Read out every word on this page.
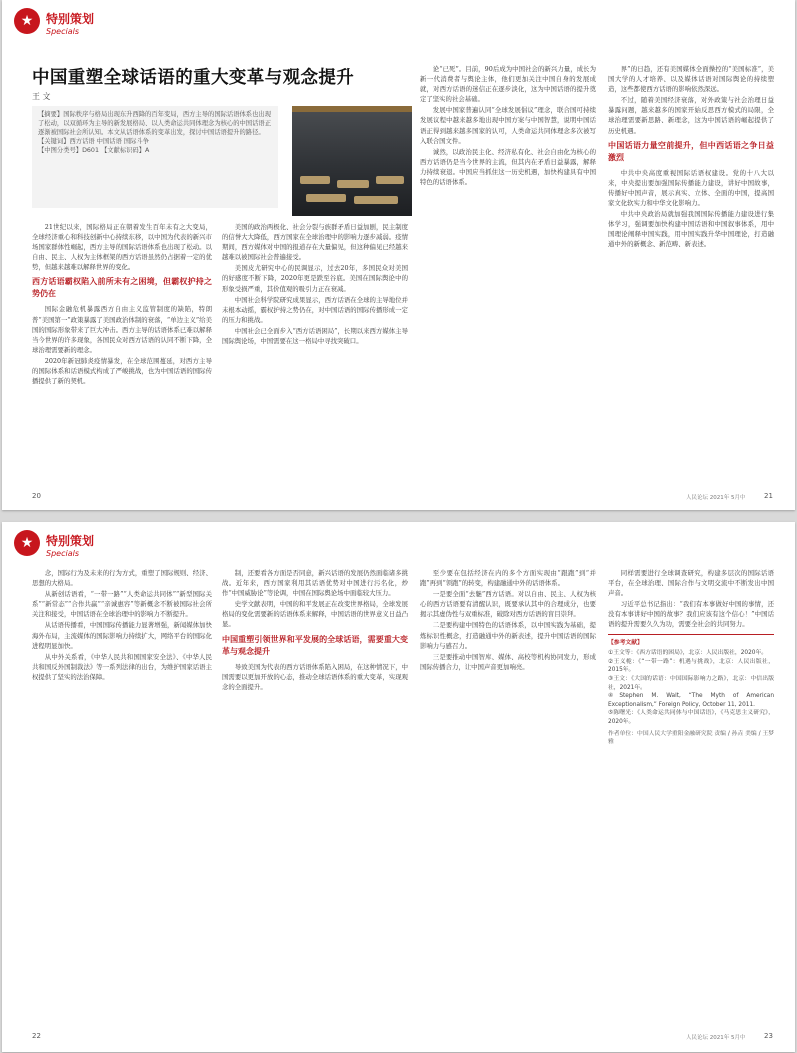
★	特别策划
Specials
中国重塑全球话语的重大变革与观念提升
王 文

【摘要】国际秩序与格局出现东升西降的百年变局，西方主导的国际话语体系也出现了松动，以双循环为主导的新发展格局、以人类命运共同体理念为核心的中国话语正逐渐被国际社会所认知。本文从话语体系的变革出发，探讨中国话语提升的路径。

【关键词】西方话语 中国话语 国际斗争

【中图分类号】D601 【文献标识码】A

21世纪以来，国际格局正在朝着发生百年未有之大变局，全球经济重心和科技创新中心持续东移，以中国为代表的新兴市场国家群体性崛起，西方主导的国际话语体系也出现了松动。以自由、民主、人权为主体框架的西方话语虽然仍占据着一定的优势，但越来越难以解释世界的变化。

西方话语霸权陷入前所未有之困境，但霸权护持之势仍在

国际金融危机暴露西方自由主义监管制度的缺陷，特朗普“美国第一”政策暴露了美国政治体制的衰落，“单边主义”给美国的国际形象带来了巨大冲击。西方主导的话语体系已难以解释当今世界的许多现象，各国民众对西方话语的认同不断下降，全球治理需要新的理念。

2020年新冠肺炎疫情暴发，在全球范围蔓延，对西方主导的国际体系和话语模式构成了严峻挑战，也为中国话语的国际传播提供了新的契机。

美国的政治两极化、社会分裂与族群矛盾日益加剧，民主制度的信誉大大降低，西方国家在全球治理中的影响力逐步减弱。疫情期间，西方媒体对中国的报道存在大量偏见，但这种偏见已经越来越难以被国际社会普遍接受。

美国皮尤研究中心的民调显示，过去20年，多国民众对美国的好感度不断下降，2020年更是跌至谷底。美国在国际舆论中的形象受损严重，其价值观的吸引力正在衰减。

中国社会科学院研究成果显示，西方话语在全球的主导地位并未根本动摇，霸权护持之势仍在，对中国话语的国际传播形成一定的压力和挑战。

中国社会已全面步入“西方话语困局”，长期以来西方媒体主导国际舆论场，中国需要在这一格局中寻找突破口。

论“已死”。目前，90后成为中国社会的新兴力量，成长为新一代消费者与舆论主体，他们更加关注中国自身的发展成就，对西方话语的迷信正在逐步淡化，这为中国话语的提升奠定了坚实的社会基础。

发展中国家普遍认同“全球发展倡议”理念，联合国可持续发展议程中越来越多地出现中国方案与中国智慧，说明中国话语正得到越来越多国家的认可，人类命运共同体理念多次被写入联合国文件。

诚然，以政治民主化、经济私有化、社会自由化为核心的西方话语仍是当今世界的主流，但其内在矛盾日益暴露，解释力持续衰退。中国应当抓住这一历史机遇，加快构建具有中国特色的话语体系。

界”的日趋，还有美国媒体全面操控的“美国标准”，美国大学的人才培养、以及媒体话语对国际舆论的持续塑造，这些都使西方话语的影响依然深远。

不过，随着美国经济衰落，对外政策与社会治理日益暴露问题，越来越多的国家开始反思西方模式的局限，全球治理需要新思路、新理念，这为中国话语的崛起提供了历史机遇。

中国话语力量空前提升，但中西话语之争日益激烈

中共中央高度重视国际话语权建设。党的十八大以来，中央提出要加强国际传播能力建设，讲好中国故事，传播好中国声音，展示真实、立体、全面的中国，提高国家文化软实力和中华文化影响力。

中共中央政治局就加强我国国际传播能力建设进行集体学习，强调要加快构建中国话语和中国叙事体系，用中国理论阐释中国实践，用中国实践升华中国理论，打造融通中外的新概念、新范畴、新表述。

20	人民论坛 2021年 5月中	21
★	特别策划
Specials

念，国际行为及未来的行为方式，重塑了国际规则、经济、思想的大格局。

从新创话语看，“一带一路”“人类命运共同体”“新型国际关系”“新常态”“合作共赢”“亲诚惠容”等新概念不断被国际社会所关注和接受，中国话语在全球治理中的影响力不断提升。

从话语传播看，中国国际传播能力显著增强，新闻媒体加快海外布局，主流媒体的国际影响力持续扩大，网络平台的国际化进程明显加快。

从中外关系看，《中华人民共和国国家安全法》、《中华人民共和国反外国制裁法》等一系列法律的出台，为维护国家话语主权提供了坚实的法治保障。

制，还要看各方面是否同意，新兴话语的发展仍然面临诸多挑战。近年来，西方国家利用其话语优势对中国进行污名化，炒作“中国威胁论”等论调，中国在国际舆论场中面临较大压力。

史学文献表明，中国的和平发展正在改变世界格局，全球发展格局的变化需要新的话语体系来解释，中国话语的世界意义日益凸显。

中国重塑引领世界和平发展的全球话语，需要重大变革与观念提升

导致美国为代表的西方话语体系陷入困局，在这种情况下，中国需要以更加开放的心态，推动全球话语体系的重大变革，实现观念的全面提升。

至少要在包括经济在内的多个方面实现由“跟跑”到“并跑”再到“领跑”的转变，构建融通中外的话语体系。

一是要全面“去魅”西方话语。对以自由、民主、人权为核心的西方话语要有清醒认识，既要承认其中的合理成分，也要揭示其虚伪性与双重标准，破除对西方话语的盲目崇拜。

二是要构建中国特色的话语体系，以中国实践为基础，提炼标识性概念，打造融通中外的新表述，提升中国话语的国际影响力与感召力。

三是要推动中国智库、媒体、高校等机构协同发力，形成国际传播合力，让中国声音更加响亮。

同样需要进行全球调查研究，构建多层次的国际话语平台，在全球治理、国际合作与文明交流中不断发出中国声音。

习近平总书记指出：“我们有本事做好中国的事情，还没有本事讲好中国的故事？我们应该有这个信心！”中国话语的提升需要久久为功，需要全社会的共同努力。

【参考文献】
①王文等：《西方话语的困局》，北京：人民出版社，2020年。
②王义桅：《“一带一路”：机遇与挑战》，北京：人民出版社，2015年。
③王文：《大国的话语：中国国际影响力之路》，北京：中信出版社，2021年。
④Stephen M. Walt, “The Myth of American Exceptionalism,” Foreign Policy, October 11, 2011.
⑤陈曙光：《人类命运共同体与中国话语》，《马克思主义研究》，2020年。
作者单位：中国人民大学重阳金融研究院 责编 / 孙垚 美编 / 王梦雅
22	人民论坛 2021年 5月中	23
